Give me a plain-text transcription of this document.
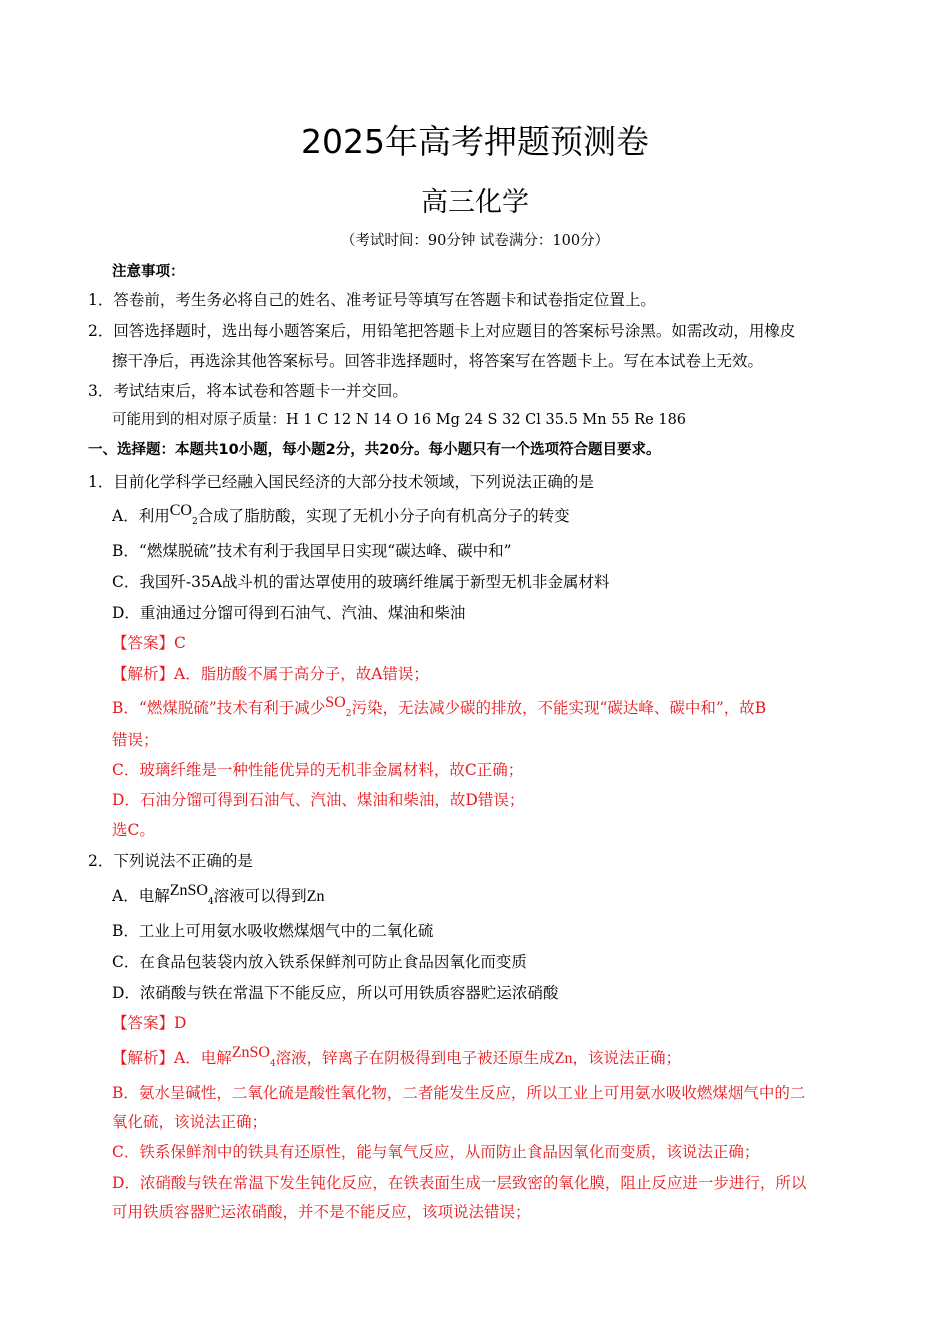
2025年高考押题预测卷
高三化学
（考试时间：90分钟 试卷满分：100分）
注意事项：
1．答卷前，考生务必将自己的姓名、准考证号等填写在答题卡和试卷指定位置上。
2．回答选择题时，选出每小题答案后，用铅笔把答题卡上对应题目的答案标号涂黑。如需改动，用橡皮
擦干净后，再选涂其他答案标号。回答非选择题时，将答案写在答题卡上。写在本试卷上无效。
3．考试结束后，将本试卷和答题卡一并交回。
可能用到的相对原子质量：H 1 C 12 N 14 O 16 Mg 24 S 32 Cl 35.5 Mn 55 Re 186
一、选择题：本题共10小题，每小题2分，共20分。每小题只有一个选项符合题目要求。
1．目前化学科学已经融入国民经济的大部分技术领域，下列说法正确的是
A．利用$CO_2$合成了脂肪酸，实现了无机小分子向有机高分子的转变
B．“燃煤脱硫”技术有利于我国早日实现“碳达峰、碳中和”
C．我国歼-35A战斗机的雷达罩使用的玻璃纤维属于新型无机非金属材料
D．重油通过分馏可得到石油气、汽油、煤油和柴油
【答案】C
【解析】A．脂肪酸不属于高分子，故A错误；
B．“燃煤脱硫”技术有利于减少$SO_2$污染，无法减少碳的排放，不能实现“碳达峰、碳中和”，故B
错误；
C．玻璃纤维是一种性能优异的无机非金属材料，故C正确；
D．石油分馏可得到石油气、汽油、煤油和柴油，故D错误；
选C。
2．下列说法不正确的是
A．电解ZnSO$_4$溶液可以得到Zn
B．工业上可用氨水吸收燃煤烟气中的二氧化硫
C．在食品包装袋内放入铁系保鲜剂可防止食品因氧化而变质
D．浓硝酸与铁在常温下不能反应，所以可用铁质容器贮运浓硝酸
【答案】D
【解析】A．电解ZnSO$_4$溶液，锌离子在阴极得到电子被还原生成Zn，该说法正确；
B．氨水呈碱性，二氧化硫是酸性氧化物，二者能发生反应，所以工业上可用氨水吸收燃煤烟气中的二
氧化硫，该说法正确；
C．铁系保鲜剂中的铁具有还原性，能与氧气反应，从而防止食品因氧化而变质，该说法正确；
D．浓硝酸与铁在常温下发生钝化反应，在铁表面生成一层致密的氧化膜，阻止反应进一步进行，所以
可用铁质容器贮运浓硝酸，并不是不能反应，该项说法错误；
